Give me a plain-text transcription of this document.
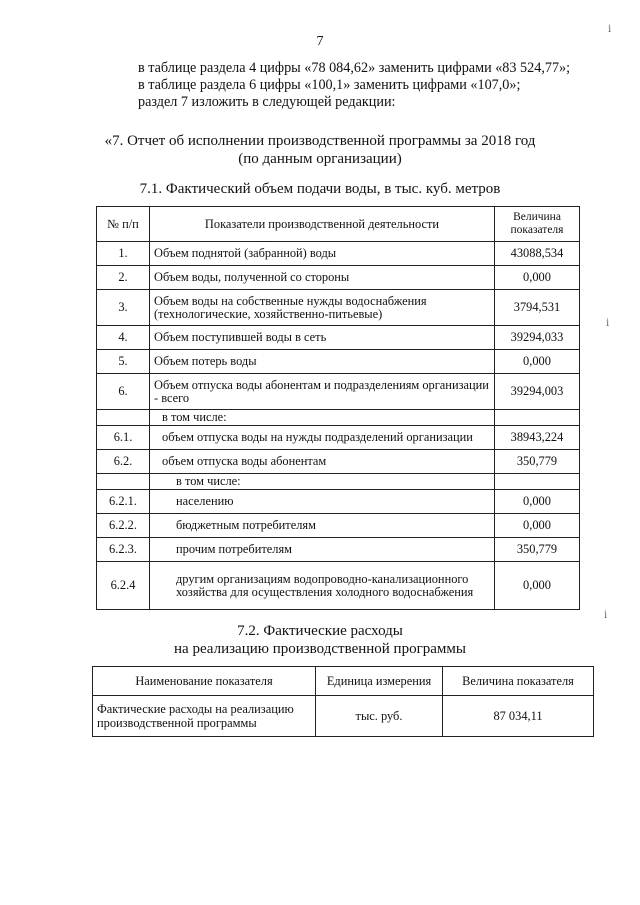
7
в таблице раздела 4 цифры «78 084,62» заменить цифрами «83 524,77»;
в таблице раздела 6 цифры «100,1» заменить цифрами «107,0»;
раздел 7 изложить в следующей редакции:
«7. Отчет об исполнении производственной программы за 2018 год
(по данным организации)
7.1. Фактический объем подачи воды, в тыс. куб. метров
№ п/п	Показатели производственной деятельности	Величина показателя
1.	Объем поднятой (забранной) воды	43088,534
2.	Объем воды, полученной со стороны	0,000
3.	Объем воды на собственные нужды водоснабжения (технологические, хозяйственно-питьевые)	3794,531
4.	Объем поступившей воды в сеть	39294,033
5.	Объем потерь воды	0,000
6.	Объем отпуска воды абонентам и подразделениям организации - всего	39294,003
	в том числе:	
6.1.	объем отпуска воды на нужды подразделений организации	38943,224
6.2.	объем отпуска воды абонентам	350,779
	в том числе:	
6.2.1.	населению	0,000
6.2.2.	бюджетным потребителям	0,000
6.2.3.	прочим потребителям	350,779
6.2.4	другим организациям водопроводно-канализационного хозяйства для осуществления холодного водоснабжения	0,000
7.2. Фактические расходы
на реализацию производственной программы
Наименование показателя	Единица измерения	Величина показателя
Фактические расходы на реализацию производственной программы	тыс. руб.	87 034,11
ⅰ
ⅰ
ⅰ
